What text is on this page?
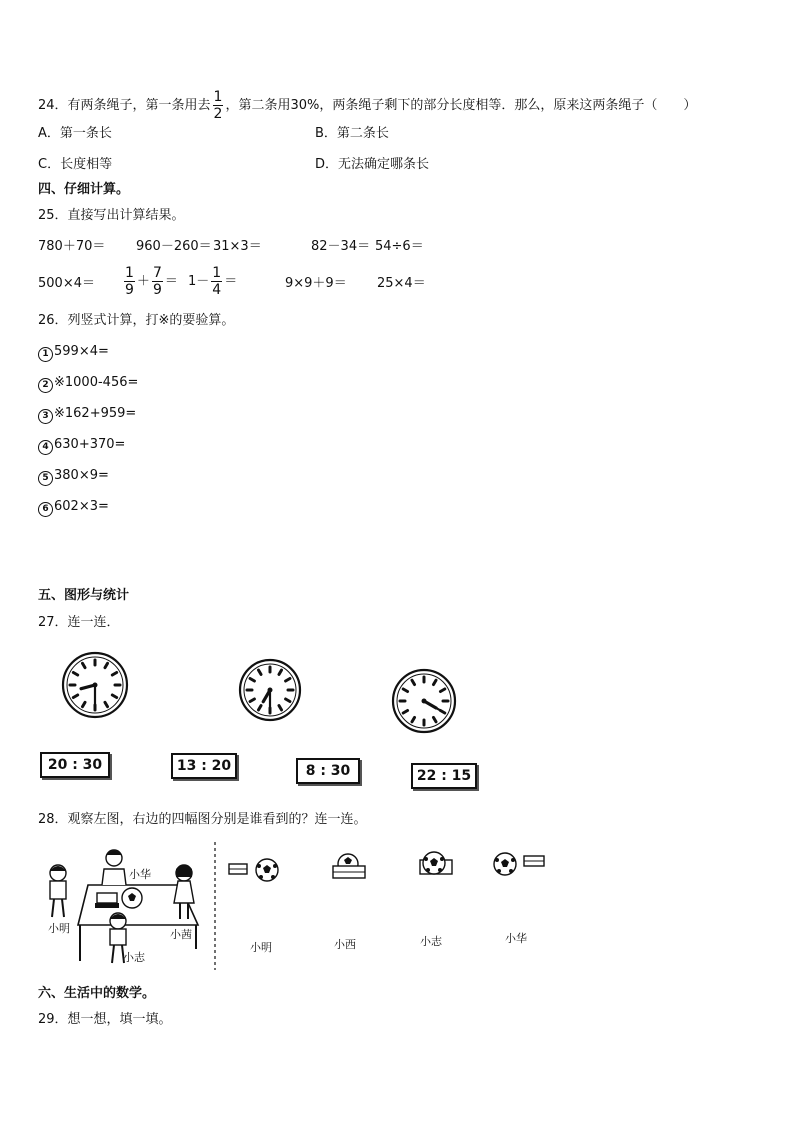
24．有两条绳子，第一条用去 $\frac{1}{2}$ ，第二条用30%，两条绳子剩下的部分长度相等．那么，原来这两条绳子（　　）
A．第一条长	B．第二条长
C．长度相等	D．无法确定哪条长
四、仔细计算。
25．直接写出计算结果。
780＋70＝ 960－260＝ 31×3＝	82－34＝ 54÷6＝
$500\times 4= \frac{1}{9} + \frac{7}{9} = 1- \frac{1}{4}$ ＝	9×9＋9＝ 25×4＝
26．列竖式计算，打※的要验算。
1 599×4=
2 ※1000-456=
3 ※162+959=
4 630+370=
5 380×9=
6 602×3=
五、图形与统计
27．连一连．
20 : 30	13 : 20	8 : 30	22 : 15
28．观察左图，右边的四幅图分别是谁看到的？连一连。
小华
小明	小茜
小志
小明	小西	小志	小华
六、生活中的数学。
29．想一想，填一填。
